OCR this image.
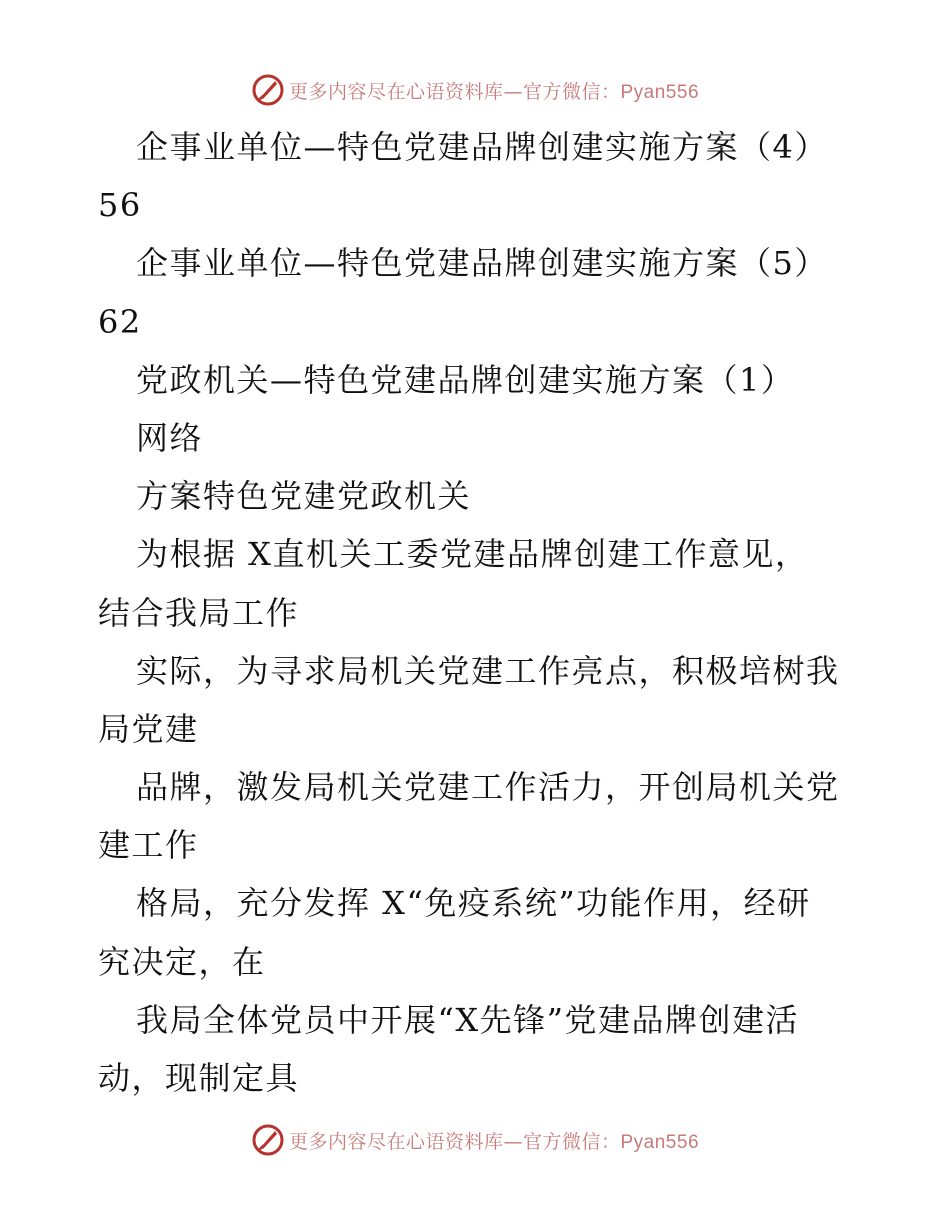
更多内容尽在心语资料库—官方微信：Pyan556
企事业单位—特色党建品牌创建实施方案（4）
56
企事业单位—特色党建品牌创建实施方案（5）
62
党政机关—特色党建品牌创建实施方案（1）
网络
方案特色党建党政机关
为根据 X直机关工委党建品牌创建工作意见，
结合我局工作
实际，为寻求局机关党建工作亮点，积极培树我
局党建
品牌，激发局机关党建工作活力，开创局机关党
建工作
格局，充分发挥 X“免疫系统”功能作用，经研
究决定，在
我局全体党员中开展“X先锋”党建品牌创建活
动，现制定具
更多内容尽在心语资料库—官方微信：Pyan556
